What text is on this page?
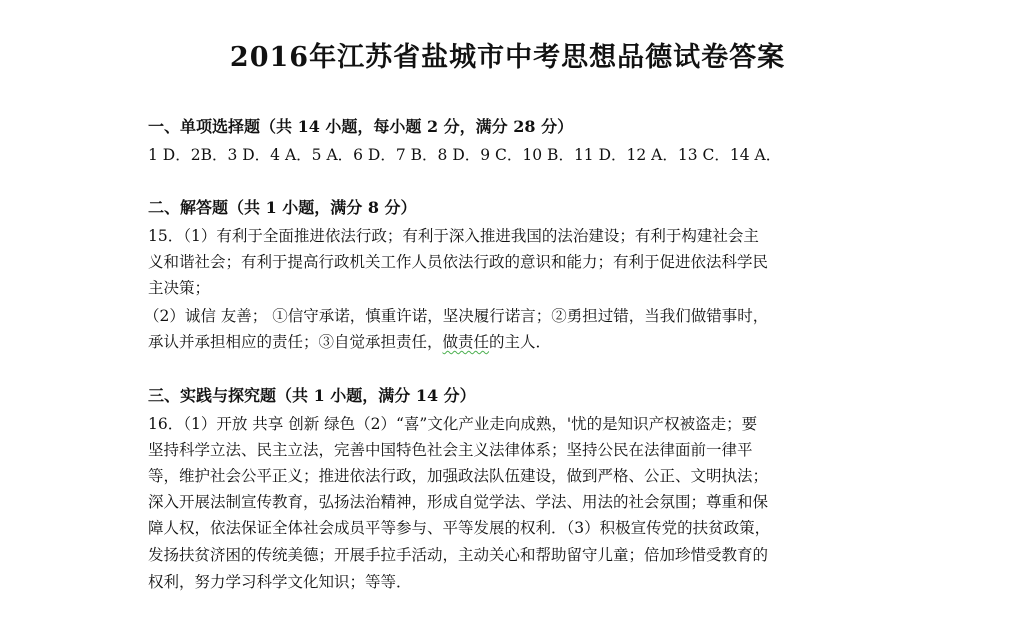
2016年江苏省盐城市中考思想品德试卷答案
一、单项选择题（共 14 小题，每小题 2 分，满分 28 分）
1 D．2B．3 D．4 A．5 A．6 D．7 B．8 D．9 C．10 B．11 D．12 A．13 C．14 A．
二、解答题（共 1 小题，满分 8 分）
15．（1）有利于全面推进依法行政；有利于深入推进我国的法治建设；有利于构建社会主
义和谐社会；有利于提高行政机关工作人员依法行政的意识和能力；有利于促进依法科学民
主决策；
（2）诚信 友善； ①信守承诺，慎重许诺，坚决履行诺言；②勇担过错，当我们做错事时，
承认并承担相应的责任；③自觉承担责任，做责任的主人．
三、实践与探究题（共 1 小题，满分 14 分）
16．（1）开放 共享 创新 绿色（2）“喜”文化产业走向成熟，'忧的是知识产权被盗走；要
坚持科学立法、民主立法，完善中国特色社会主义法律体系；坚持公民在法律面前一律平
等，维护社会公平正义；推进依法行政，加强政法队伍建设，做到严格、公正、文明执法；
深入开展法制宣传教育，弘扬法治精神，形成自觉学法、学法、用法的社会氛围；尊重和保
障人权，依法保证全体社会成员平等参与、平等发展的权利．（3）积极宣传党的扶贫政策，
发扬扶贫济困的传统美德；开展手拉手活动，主动关心和帮助留守儿童；倍加珍惜受教育的
权利，努力学习科学文化知识；等等．
